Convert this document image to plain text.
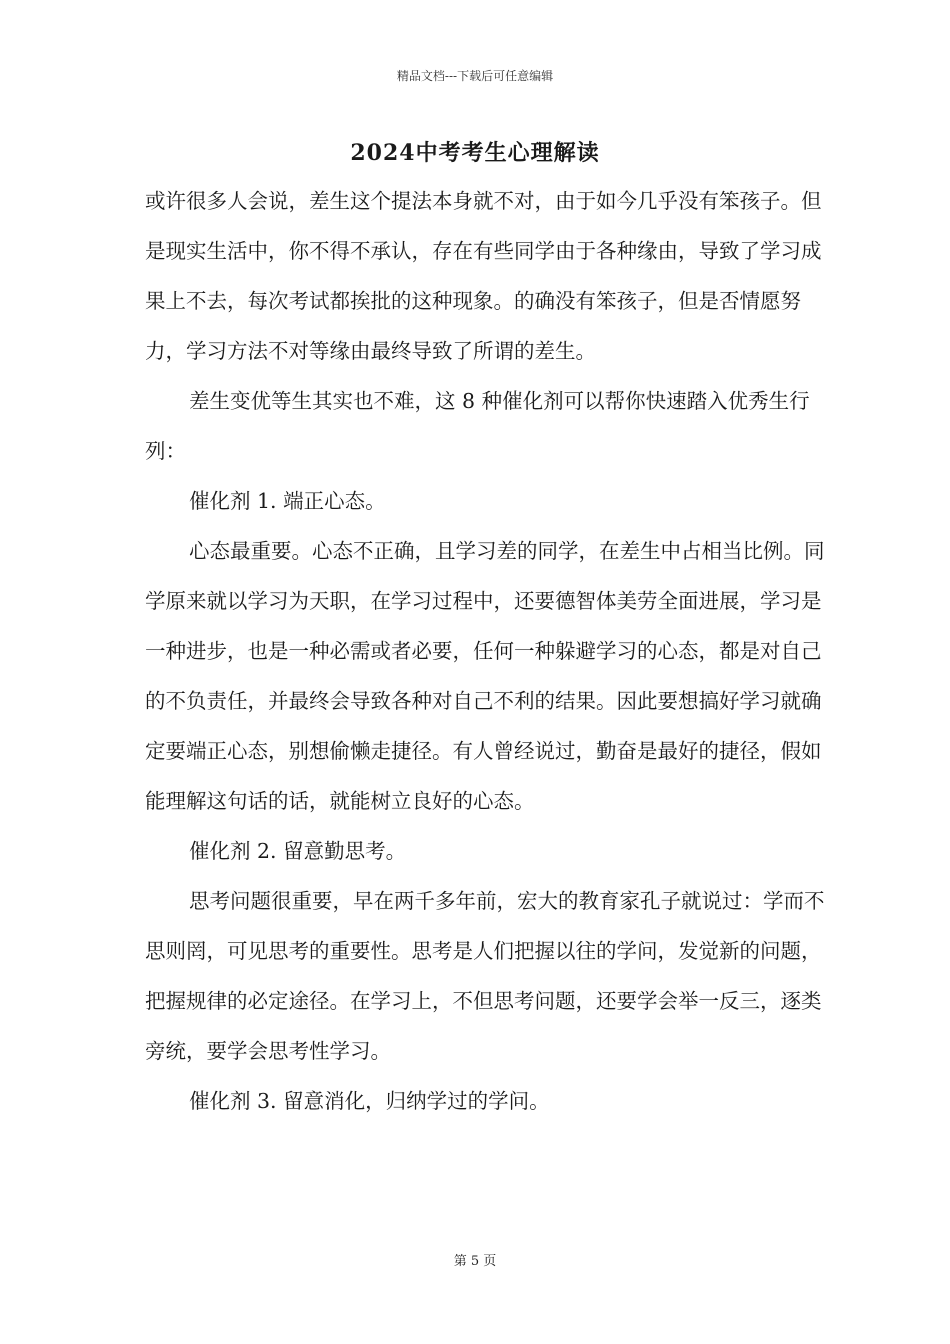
精品文档---下载后可任意编辑
2024中考考生心理解读

或许很多人会说，差生这个提法本身就不对，由于如今几乎没有笨孩子。但是现实生活中，你不得不承认，存在有些同学由于各种缘由，导致了学习成果上不去，每次考试都挨批的这种现象。的确没有笨孩子，但是否情愿努力，学习方法不对等缘由最终导致了所谓的差生。

差生变优等生其实也不难，这 8 种催化剂可以帮你快速踏入优秀生行列：

催化剂 1. 端正心态。

心态最重要。心态不正确，且学习差的同学，在差生中占相当比例。同学原来就以学习为天职，在学习过程中，还要德智体美劳全面进展，学习是一种进步，也是一种必需或者必要，任何一种躲避学习的心态，都是对自己的不负责任，并最终会导致各种对自己不利的结果。因此要想搞好学习就确定要端正心态，别想偷懒走捷径。有人曾经说过，勤奋是最好的捷径，假如能理解这句话的话，就能树立良好的心态。

催化剂 2. 留意勤思考。

思考问题很重要，早在两千多年前，宏大的教育家孔子就说过：学而不思则罔，可见思考的重要性。思考是人们把握以往的学问，发觉新的问题，把握规律的必定途径。在学习上，不但思考问题，还要学会举一反三，逐类旁统，要学会思考性学习。

催化剂 3. 留意消化，归纳学过的学问。

第 5 页
